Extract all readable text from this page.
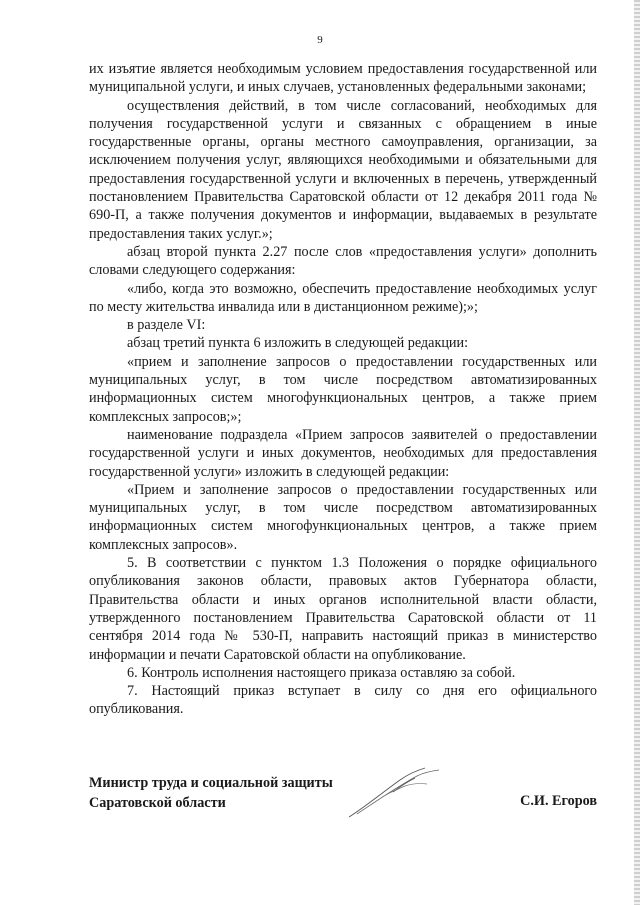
9

их изъятие является необходимым условием предоставления государственной или муниципальной услуги, и иных случаев, установленных федеральными законами;

осуществления действий, в том числе согласований, необходимых для получения государственной услуги и связанных с обращением в иные государственные органы, органы местного самоуправления, организации, за исключением получения услуг, являющихся необходимыми и обязательными для предоставления государственной услуги и включенных в перечень, утвержденный постановлением Правительства Саратовской области от 12 декабря 2011 года № 690-П, а также получения документов и информации, выдаваемых в результате предоставления таких услуг.»;

абзац второй пункта 2.27 после слов «предоставления услуги» дополнить словами следующего содержания:

«либо, когда это возможно, обеспечить предоставление необходимых услуг по месту жительства инвалида или в дистанционном режиме);»;

в разделе VI:

абзац третий пункта 6 изложить в следующей редакции:

«прием и заполнение запросов о предоставлении государственных или муниципальных услуг, в том числе посредством автоматизированных информационных систем многофункциональных центров, а также прием комплексных запросов;»;

наименование подраздела «Прием запросов заявителей о предоставлении государственной услуги и иных документов, необходимых для предоставления государственной услуги» изложить в следующей редакции:

«Прием и заполнение запросов о предоставлении государственных или муниципальных услуг, в том числе посредством автоматизированных информационных систем многофункциональных центров, а также прием комплексных запросов».

5. В соответствии с пунктом 1.3 Положения о порядке официального опубликования законов области, правовых актов Губернатора области, Правительства области и иных органов исполнительной власти области, утвержденного постановлением Правительства Саратовской области от 11 сентября 2014 года № 530-П, направить настоящий приказ в министерство информации и печати Саратовской области на опубликование.

6. Контроль исполнения настоящего приказа оставляю за собой.

7. Настоящий приказ вступает в силу со дня его официального опубликования.

Министр труда и социальной защиты
Саратовской области	С.И. Егоров
